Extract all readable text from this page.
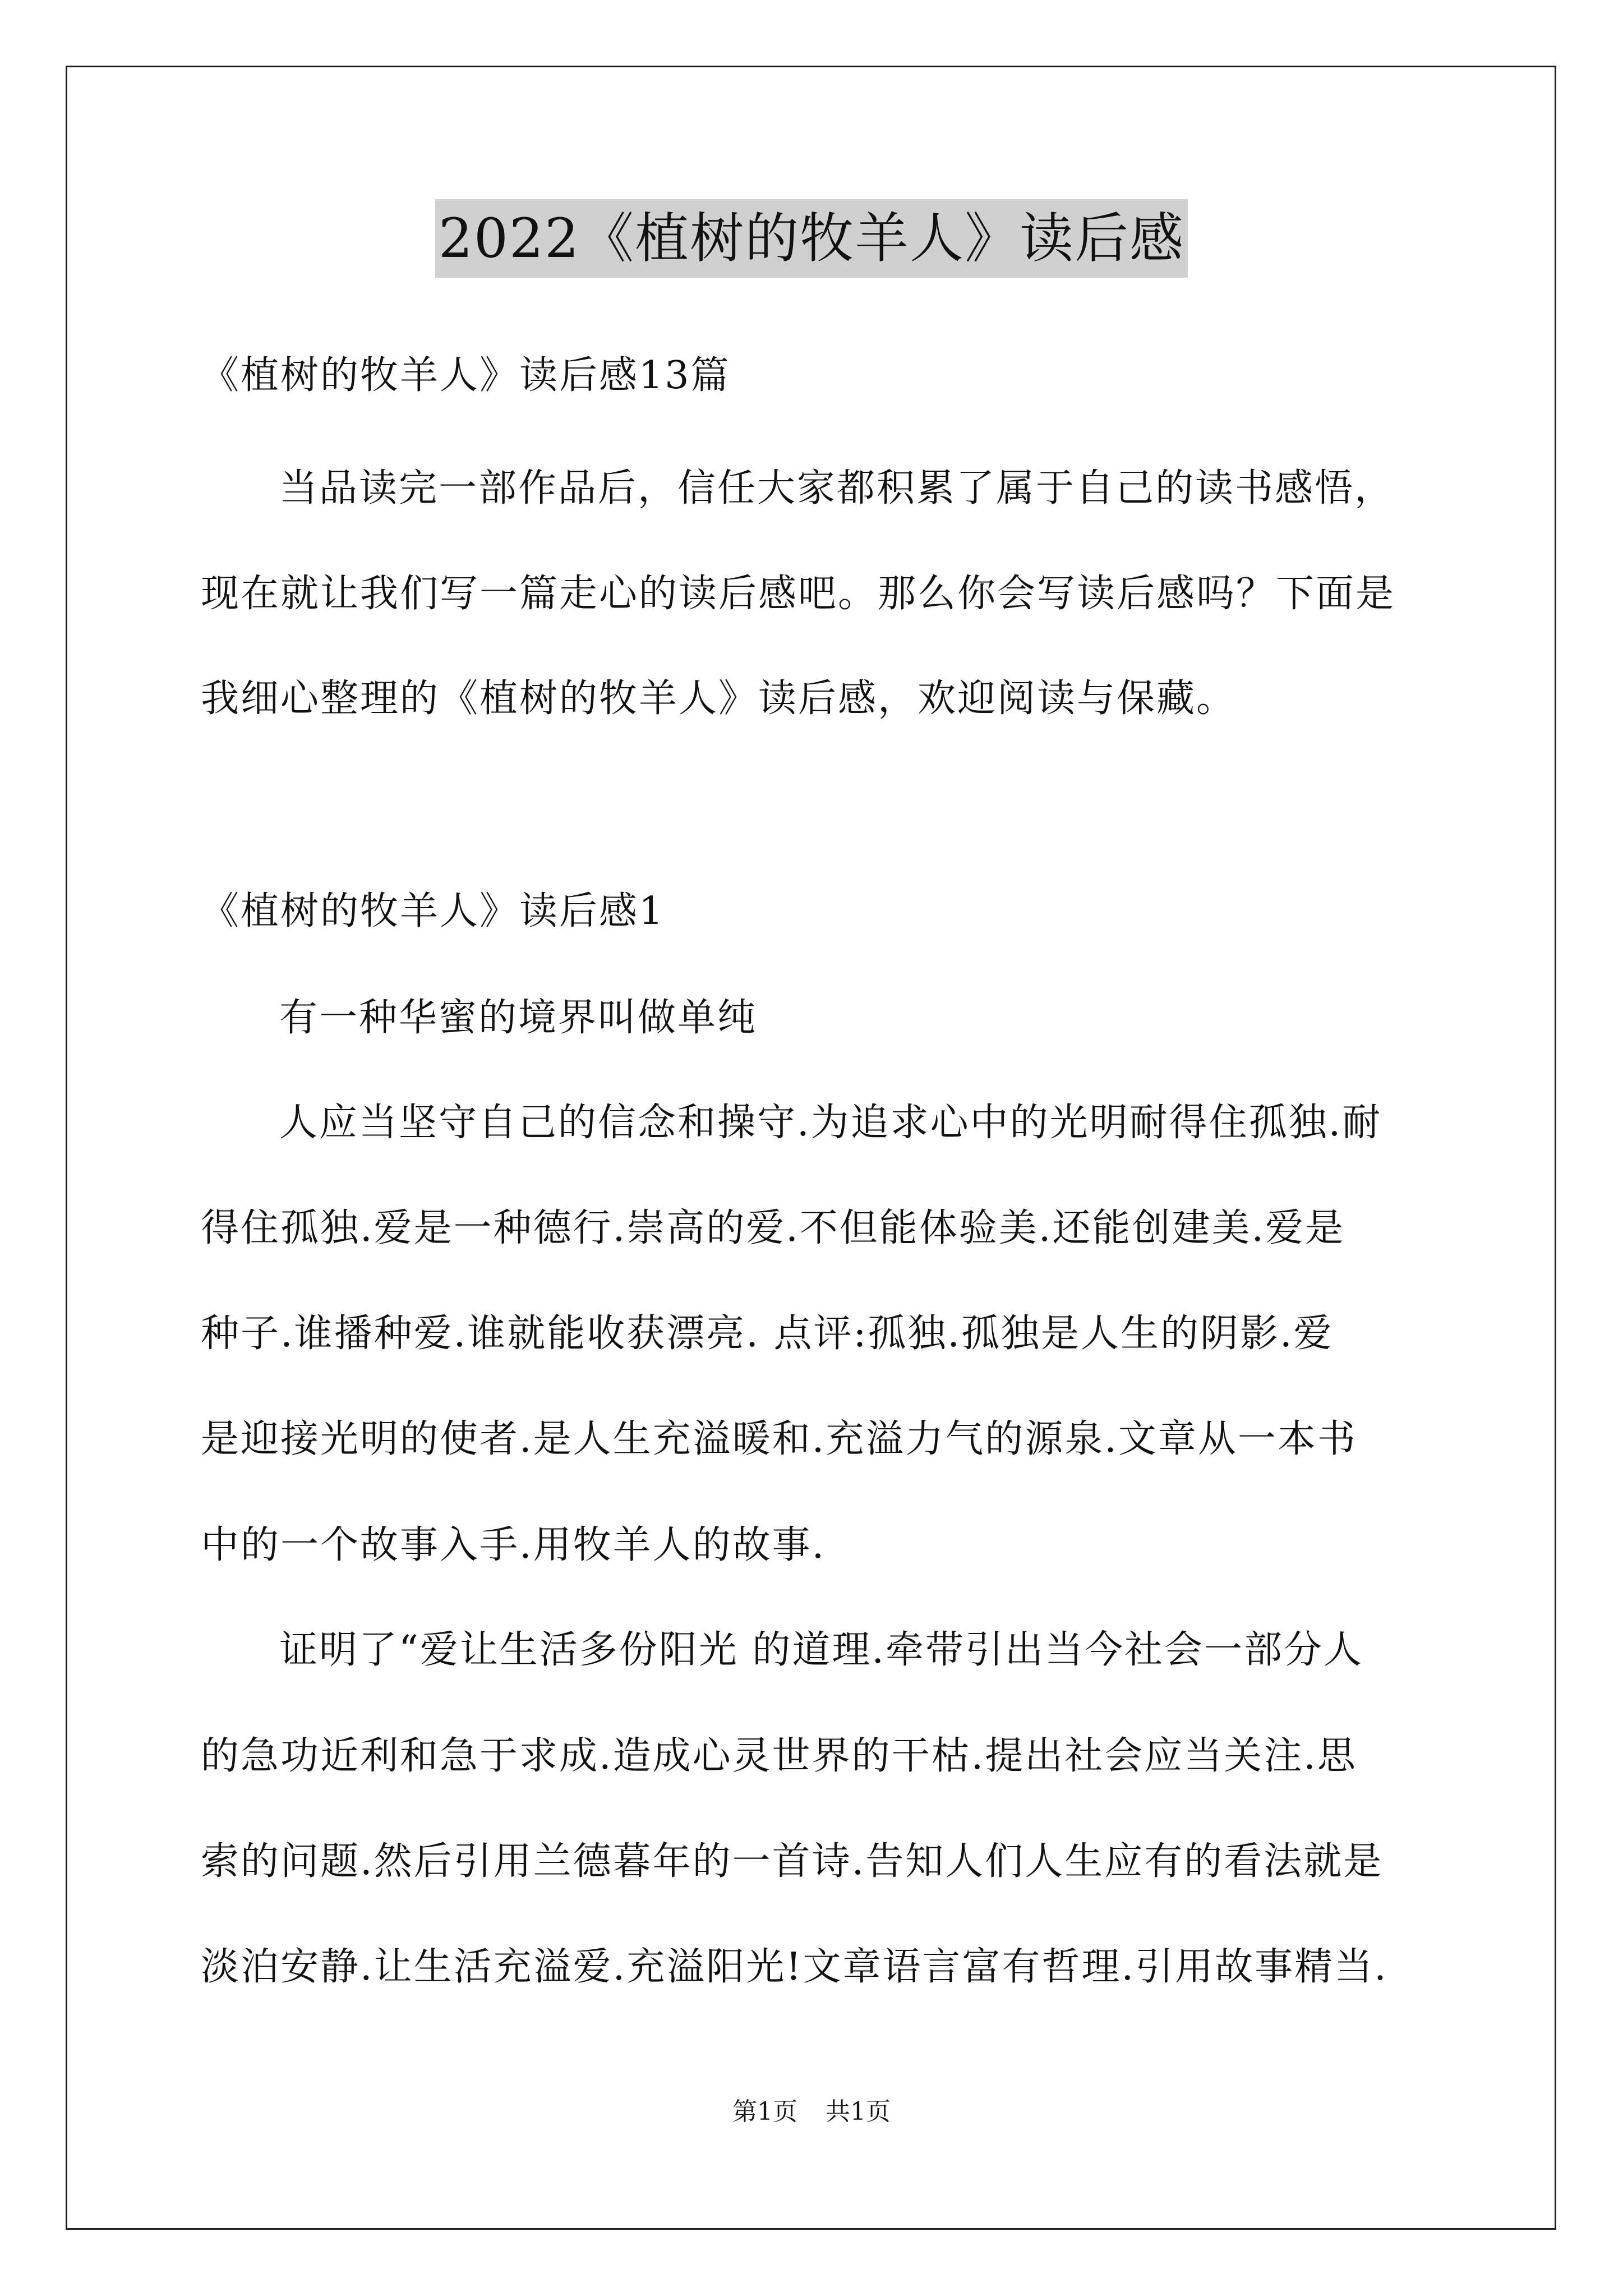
2022《植树的牧羊人》读后感
《植树的牧羊人》读后感13篇
当品读完一部作品后，信任大家都积累了属于自己的读书感悟，
现在就让我们写一篇走心的读后感吧。那么你会写读后感吗？下面是
我细心整理的《植树的牧羊人》读后感，欢迎阅读与保藏。
《植树的牧羊人》读后感1
有一种华蜜的境界叫做单纯
人应当坚守自己的信念和操守.为追求心中的光明耐得住孤独.耐
得住孤独.爱是一种德行.崇高的爱.不但能体验美.还能创建美.爱是
种子.谁播种爱.谁就能收获漂亮. 点评:孤独.孤独是人生的阴影.爱
是迎接光明的使者.是人生充溢暖和.充溢力气的源泉.文章从一本书
中的一个故事入手.用牧羊人的故事.
证明了“爱让生活多份阳光 的道理.牵带引出当今社会一部分人
的急功近利和急于求成.造成心灵世界的干枯.提出社会应当关注.思
索的问题.然后引用兰德暮年的一首诗.告知人们人生应有的看法就是
淡泊安静.让生活充溢爱.充溢阳光!文章语言富有哲理.引用故事精当.
第1页 共1页
